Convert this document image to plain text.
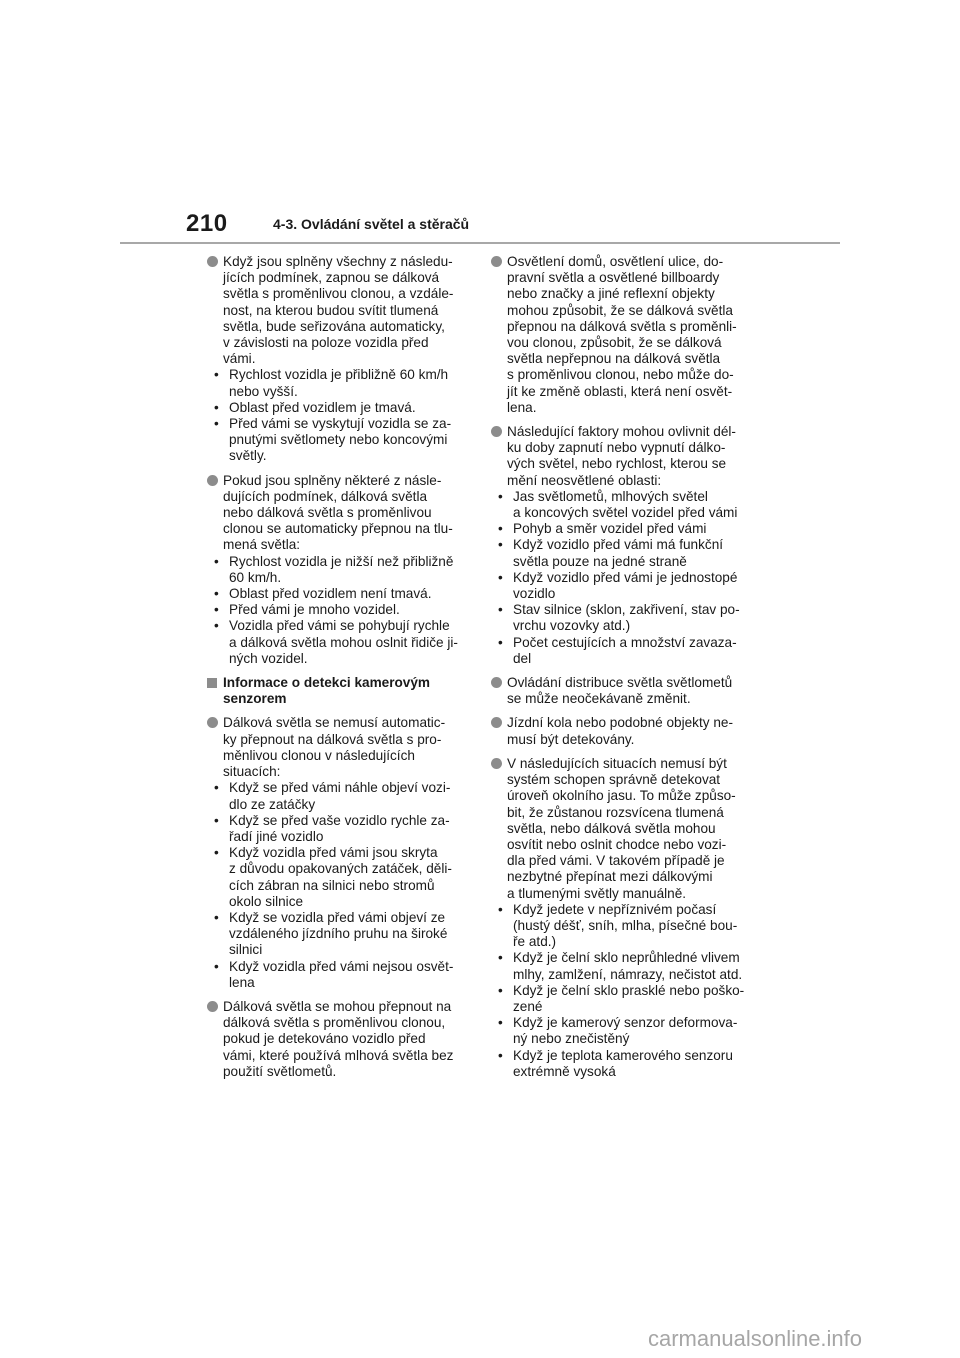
210	4-3. Ovládání světel a stěračů
Když jsou splněny všechny z následu-
jících podmínek, zapnou se dálková
světla s proměnlivou clonou, a vzdále-
nost, na kterou budou svítit tlumená
světla, bude seřizována automaticky,
v závislosti na poloze vozidla před
vámi.
• Rychlost vozidla je přibližně 60 km/h
nebo vyšší.
• Oblast před vozidlem je tmavá.
• Před vámi se vyskytují vozidla se za-
pnutými světlomety nebo koncovými
světly.
Pokud jsou splněny některé z násle-
dujících podmínek, dálková světla
nebo dálková světla s proměnlivou
clonou se automaticky přepnou na tlu-
mená světla:
• Rychlost vozidla je nižší než přibližně
60 km/h.
• Oblast před vozidlem není tmavá.
• Před vámi je mnoho vozidel.
• Vozidla před vámi se pohybují rychle
a dálková světla mohou oslnit řidiče ji-
ných vozidel.
Informace o detekci kamerovým
senzorem
Dálková světla se nemusí automatic-
ky přepnout na dálková světla s pro-
měnlivou clonou v následujících
situacích:
• Když se před vámi náhle objeví vozi-
dlo ze zatáčky
• Když se před vaše vozidlo rychle za-
řadí jiné vozidlo
• Když vozidla před vámi jsou skryta
z důvodu opakovaných zatáček, děli-
cích zábran na silnici nebo stromů
okolo silnice
• Když se vozidla před vámi objeví ze
vzdáleného jízdního pruhu na široké
silnici
• Když vozidla před vámi nejsou osvět-
lena
Dálková světla se mohou přepnout na
dálková světla s proměnlivou clonou,
pokud je detekováno vozidlo před
vámi, které používá mlhová světla bez
použití světlometů.
Osvětlení domů, osvětlení ulice, do-
pravní světla a osvětlené billboardy
nebo značky a jiné reflexní objekty
mohou způsobit, že se dálková světla
přepnou na dálková světla s proměnli-
vou clonou, způsobit, že se dálková
světla nepřepnou na dálková světla
s proměnlivou clonou, nebo může do-
jít ke změně oblasti, která není osvět-
lena.
Následující faktory mohou ovlivnit dél-
ku doby zapnutí nebo vypnutí dálko-
vých světel, nebo rychlost, kterou se
mění neosvětlené oblasti:
• Jas světlometů, mlhových světel
a koncových světel vozidel před vámi
• Pohyb a směr vozidel před vámi
• Když vozidlo před vámi má funkční
světla pouze na jedné straně
• Když vozidlo před vámi je jednostopé
vozidlo
• Stav silnice (sklon, zakřivení, stav po-
vrchu vozovky atd.)
• Počet cestujících a množství zavaza-
del
Ovládání distribuce světla světlometů
se může neočekávaně změnit.
Jízdní kola nebo podobné objekty ne-
musí být detekovány.
V následujících situacích nemusí být
systém schopen správně detekovat
úroveň okolního jasu. To může způso-
bit, že zůstanou rozsvícena tlumená
světla, nebo dálková světla mohou
osvítit nebo oslnit chodce nebo vozi-
dla před vámi. V takovém případě je
nezbytné přepínat mezi dálkovými
a tlumenými světly manuálně.
• Když jedete v nepříznivém počasí
(hustý déšť, sníh, mlha, písečné bou-
ře atd.)
• Když je čelní sklo neprůhledné vlivem
mlhy, zamlžení, námrazy, nečistot atd.
• Když je čelní sklo prasklé nebo poško-
zené
• Když je kamerový senzor deformova-
ný nebo znečistěný
• Když je teplota kamerového senzoru
extrémně vysoká
carmanualsonline.info
